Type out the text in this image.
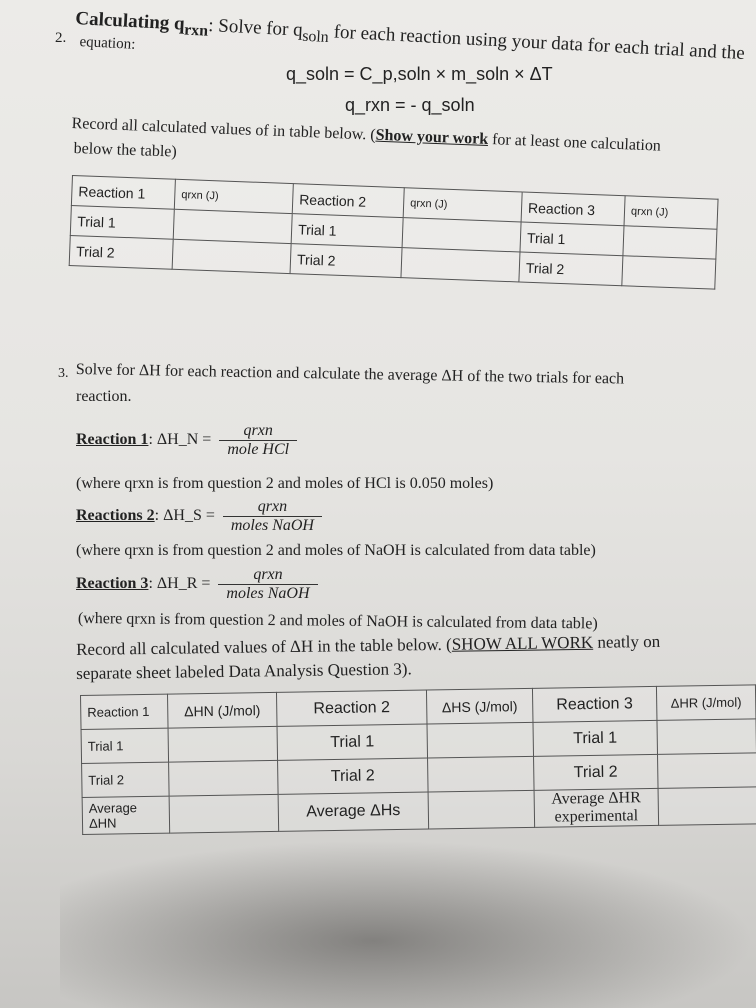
2.
Calculating $q_{rxn}$: Solve for $q_{soln}$ for each reaction using your data for each trial and the
equation:
q_soln = C_p,soln × m_soln × ΔT
q_rxn = - q_soln
Record all calculated values of in table below. (Show your work for at least one calculation
below the table)
Reaction 1	qrxn (J)	Reaction 2	qrxn (J)	Reaction 3	qrxn (J)
Trial 1		Trial 1		Trial 1	
Trial 2		Trial 2		Trial 2	
3. Solve for ΔH for each reaction and calculate the average ΔH of the two trials for each
reaction.
Reaction 1: ΔH_N = $\frac{\text{qrxn}}{\text{mole HCl}}$
(where qrxn is from question 2 and moles of HCl is 0.050 moles)
Reactions 2: ΔH_S = $\frac{\text{qrxn}}{\text{moles NaOH}}$
(where qrxn is from question 2 and moles of NaOH is calculated from data table)
Reaction 3: ΔH_R = $\frac{\text{qrxn}}{\text{moles NaOH}}$
(where qrxn is from question 2 and moles of NaOH is calculated from data table)
Record all calculated values of ΔH in the table below. (SHOW ALL WORK neatly on
separate sheet labeled Data Analysis Question 3).
Reaction 1	ΔHN (J/mol)	Reaction 2	ΔHS (J/mol)	Reaction 3	ΔHR (J/mol)
Trial 1		Trial 1		Trial 1	
Trial 2		Trial 2		Trial 2	
Average ΔHN		Average ΔHs		Average ΔHR experimental	
